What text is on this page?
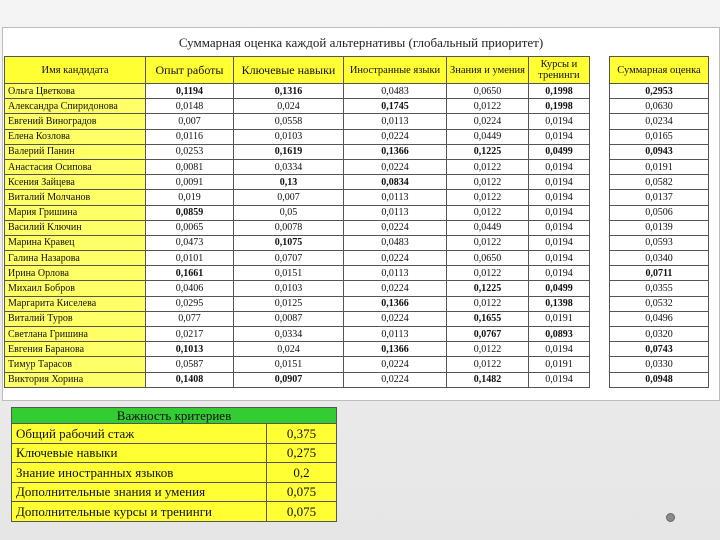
Суммарная оценка каждой альтернативы (глобальный приоритет)
Имя кандидата	Опыт работы	Ключевые навыки	Иностранные языки	Знания и умения	Курсы и тренинги		Суммарная оценка
Ольга Цветкова	0,1194	0,1316	0,0483	0,0650	0,1998		0,2953
Александра Спиридонова	0,0148	0,024	0,1745	0,0122	0,1998		0,0630
Евгений Виноградов	0,007	0,0558	0,0113	0,0224	0,0194		0,0234
Елена Козлова	0,0116	0,0103	0,0224	0,0449	0,0194		0,0165
Валерий Панин	0,0253	0,1619	0,1366	0,1225	0,0499		0,0943
Анастасия Осипова	0,0081	0,0334	0,0224	0,0122	0,0194		0,0191
Ксения Зайцева	0,0091	0,13	0,0834	0,0122	0,0194		0,0582
Виталий Молчанов	0,019	0,007	0,0113	0,0122	0,0194		0,0137
Мария Гришина	0,0859	0,05	0,0113	0,0122	0,0194		0,0506
Василий Ключин	0,0065	0,0078	0,0224	0,0449	0,0194		0,0139
Марина Кравец	0,0473	0,1075	0,0483	0,0122	0,0194		0,0593
Галина Назарова	0,0101	0,0707	0,0224	0,0650	0,0194		0,0340
Ирина Орлова	0,1661	0,0151	0,0113	0,0122	0,0194		0,0711
Михаил Бобров	0,0406	0,0103	0,0224	0,1225	0,0499		0,0355
Маргарита Киселева	0,0295	0,0125	0,1366	0,0122	0,1398		0,0532
Виталий Туров	0,077	0,0087	0,0224	0,1655	0,0191		0,0496
Светлана Гришина	0,0217	0,0334	0,0113	0,0767	0,0893		0,0320
Евгения Баранова	0,1013	0,024	0,1366	0,0122	0,0194		0,0743
Тимур Тарасов	0,0587	0,0151	0,0224	0,0122	0,0191		0,0330
Виктория Хорина	0,1408	0,0907	0,0224	0,1482	0,0194		0,0948
Важность критериев	
Общий рабочий стаж	0,375
Ключевые навыки	0,275
Знание иностранных языков	0,2
Дополнительные знания и умения	0,075
Дополнительные курсы и тренинги	0,075
